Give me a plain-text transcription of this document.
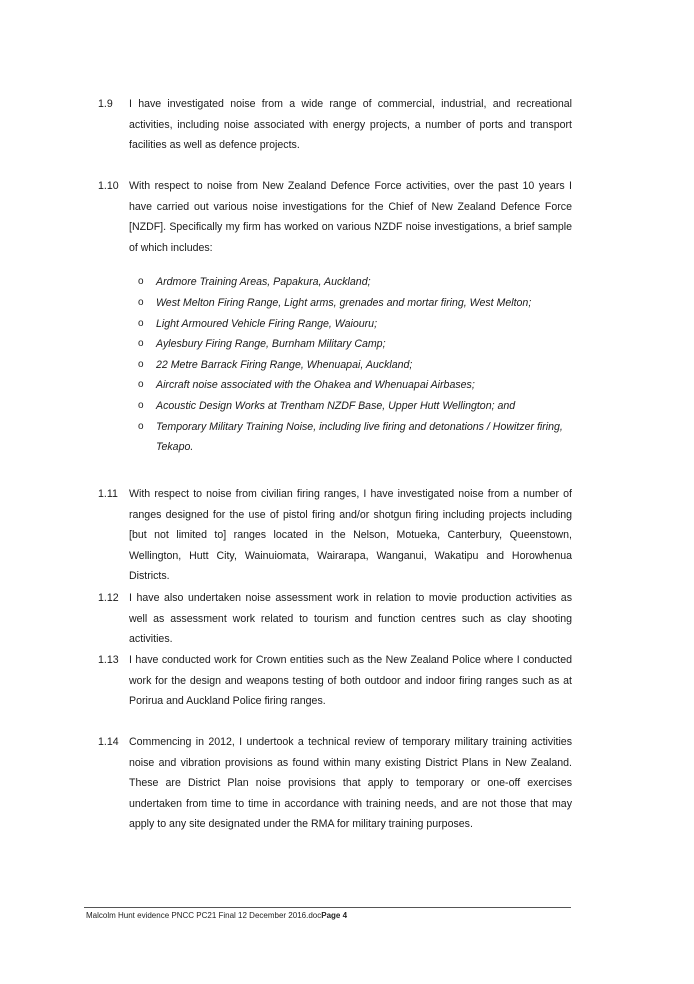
1.9	I have investigated noise from a wide range of commercial, industrial, and recreational activities, including noise associated with energy projects, a number of ports and transport facilities as well as defence projects.
1.10 With respect to noise from New Zealand Defence Force activities, over the past 10 years I have carried out various noise investigations for the Chief of New Zealand Defence Force [NZDF]. Specifically my firm has worked on various NZDF noise investigations, a brief sample of which includes:
o Ardmore Training Areas, Papakura, Auckland;
o West Melton Firing Range, Light arms, grenades and mortar firing, West Melton;
o Light Armoured Vehicle Firing Range, Waiouru;
o Aylesbury Firing Range, Burnham Military Camp;
o 22 Metre Barrack Firing Range, Whenuapai, Auckland;
o Aircraft noise associated with the Ohakea and Whenuapai Airbases;
o Acoustic Design Works at Trentham NZDF Base, Upper Hutt Wellington; and
o Temporary Military Training Noise, including live firing and detonations / Howitzer firing, Tekapo.
1.11	With respect to noise from civilian firing ranges, I have investigated noise from a number of ranges designed for the use of pistol firing and/or shotgun firing including projects including [but not limited to] ranges located in the Nelson, Motueka, Canterbury, Queenstown, Wellington, Hutt City, Wainuiomata, Wairarapa, Wanganui, Wakatipu and Horowhenua Districts.
1.12 I have also undertaken noise assessment work in relation to movie production activities as well as assessment work related to tourism and function centres such as clay shooting activities.
1.13 I have conducted work for Crown entities such as the New Zealand Police where I conducted work for the design and weapons testing of both outdoor and indoor firing ranges such as at Porirua and Auckland Police firing ranges.
1.14 Commencing in 2012, I undertook a technical review of temporary military training activities noise and vibration provisions as found within many existing District Plans in New Zealand. These are District Plan noise provisions that apply to temporary or one-off exercises undertaken from time to time in accordance with training needs, and are not those that may apply to any site designated under the RMA for military training purposes.
Malcolm Hunt evidence PNCC PC21 Final 12 December 2016.docPage 4
